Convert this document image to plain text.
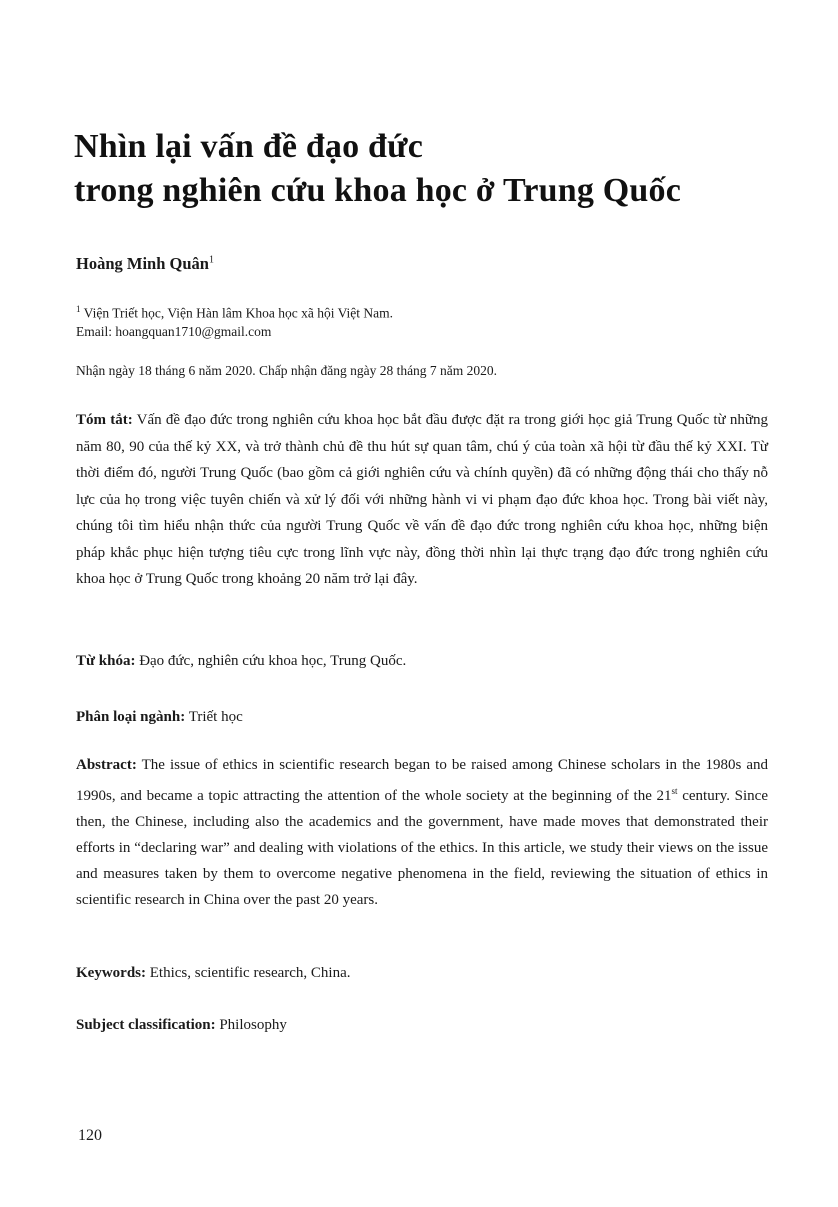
Nhìn lại vấn đề đạo đức
trong nghiên cứu khoa học ở Trung Quốc
Hoàng Minh Quân$^1$
$^1$ Viện Triết học, Viện Hàn lâm Khoa học xã hội Việt Nam.
Email: hoangquan1710@gmail.com
Nhận ngày 18 tháng 6 năm 2020. Chấp nhận đăng ngày 28 tháng 7 năm 2020.
Tóm tắt: Vấn đề đạo đức trong nghiên cứu khoa học bắt đầu được đặt ra trong giới học giả Trung Quốc từ những năm 80, 90 của thế kỷ XX, và trở thành chủ đề thu hút sự quan tâm, chú ý của toàn xã hội từ đầu thế kỷ XXI. Từ thời điểm đó, người Trung Quốc (bao gồm cả giới nghiên cứu và chính quyền) đã có những động thái cho thấy nỗ lực của họ trong việc tuyên chiến và xử lý đối với những hành vi vi phạm đạo đức khoa học. Trong bài viết này, chúng tôi tìm hiểu nhận thức của người Trung Quốc về vấn đề đạo đức trong nghiên cứu khoa học, những biện pháp khắc phục hiện tượng tiêu cực trong lĩnh vực này, đồng thời nhìn lại thực trạng đạo đức trong nghiên cứu khoa học ở Trung Quốc trong khoảng 20 năm trở lại đây.
Từ khóa: Đạo đức, nghiên cứu khoa học, Trung Quốc.
Phân loại ngành: Triết học
Abstract: The issue of ethics in scientific research began to be raised among Chinese scholars in the 1980s and 1990s, and became a topic attracting the attention of the whole society at the beginning of the 21st century. Since then, the Chinese, including also the academics and the government, have made moves that demonstrated their efforts in “declaring war” and dealing with violations of the ethics. In this article, we study their views on the issue and measures taken by them to overcome negative phenomena in the field, reviewing the situation of ethics in scientific research in China over the past 20 years.
Keywords: Ethics, scientific research, China.
Subject classification: Philosophy
120
